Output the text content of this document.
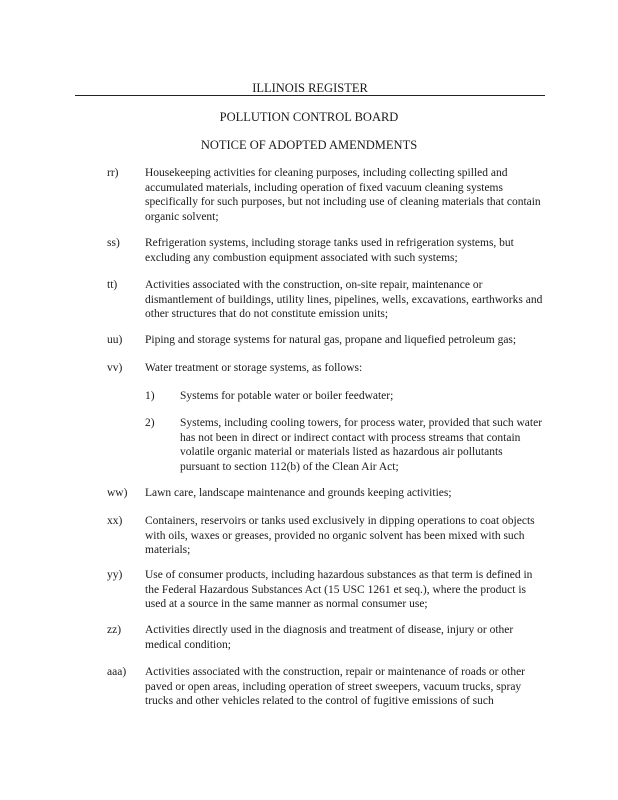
ILLINOIS REGISTER
POLLUTION CONTROL BOARD
NOTICE OF ADOPTED AMENDMENTS
rr) Housekeeping activities for cleaning purposes, including collecting spilled and accumulated materials, including operation of fixed vacuum cleaning systems specifically for such purposes, but not including use of cleaning materials that contain organic solvent;
ss) Refrigeration systems, including storage tanks used in refrigeration systems, but excluding any combustion equipment associated with such systems;
tt) Activities associated with the construction, on-site repair, maintenance or dismantlement of buildings, utility lines, pipelines, wells, excavations, earthworks and other structures that do not constitute emission units;
uu) Piping and storage systems for natural gas, propane and liquefied petroleum gas;
vv) Water treatment or storage systems, as follows:
1) Systems for potable water or boiler feedwater;
2) Systems, including cooling towers, for process water, provided that such water has not been in direct or indirect contact with process streams that contain volatile organic material or materials listed as hazardous air pollutants pursuant to section 112(b) of the Clean Air Act;
ww) Lawn care, landscape maintenance and grounds keeping activities;
xx) Containers, reservoirs or tanks used exclusively in dipping operations to coat objects with oils, waxes or greases, provided no organic solvent has been mixed with such materials;
yy) Use of consumer products, including hazardous substances as that term is defined in the Federal Hazardous Substances Act (15 USC 1261 et seq.), where the product is used at a source in the same manner as normal consumer use;
zz) Activities directly used in the diagnosis and treatment of disease, injury or other medical condition;
aaa) Activities associated with the construction, repair or maintenance of roads or other paved or open areas, including operation of street sweepers, vacuum trucks, spray trucks and other vehicles related to the control of fugitive emissions of such
